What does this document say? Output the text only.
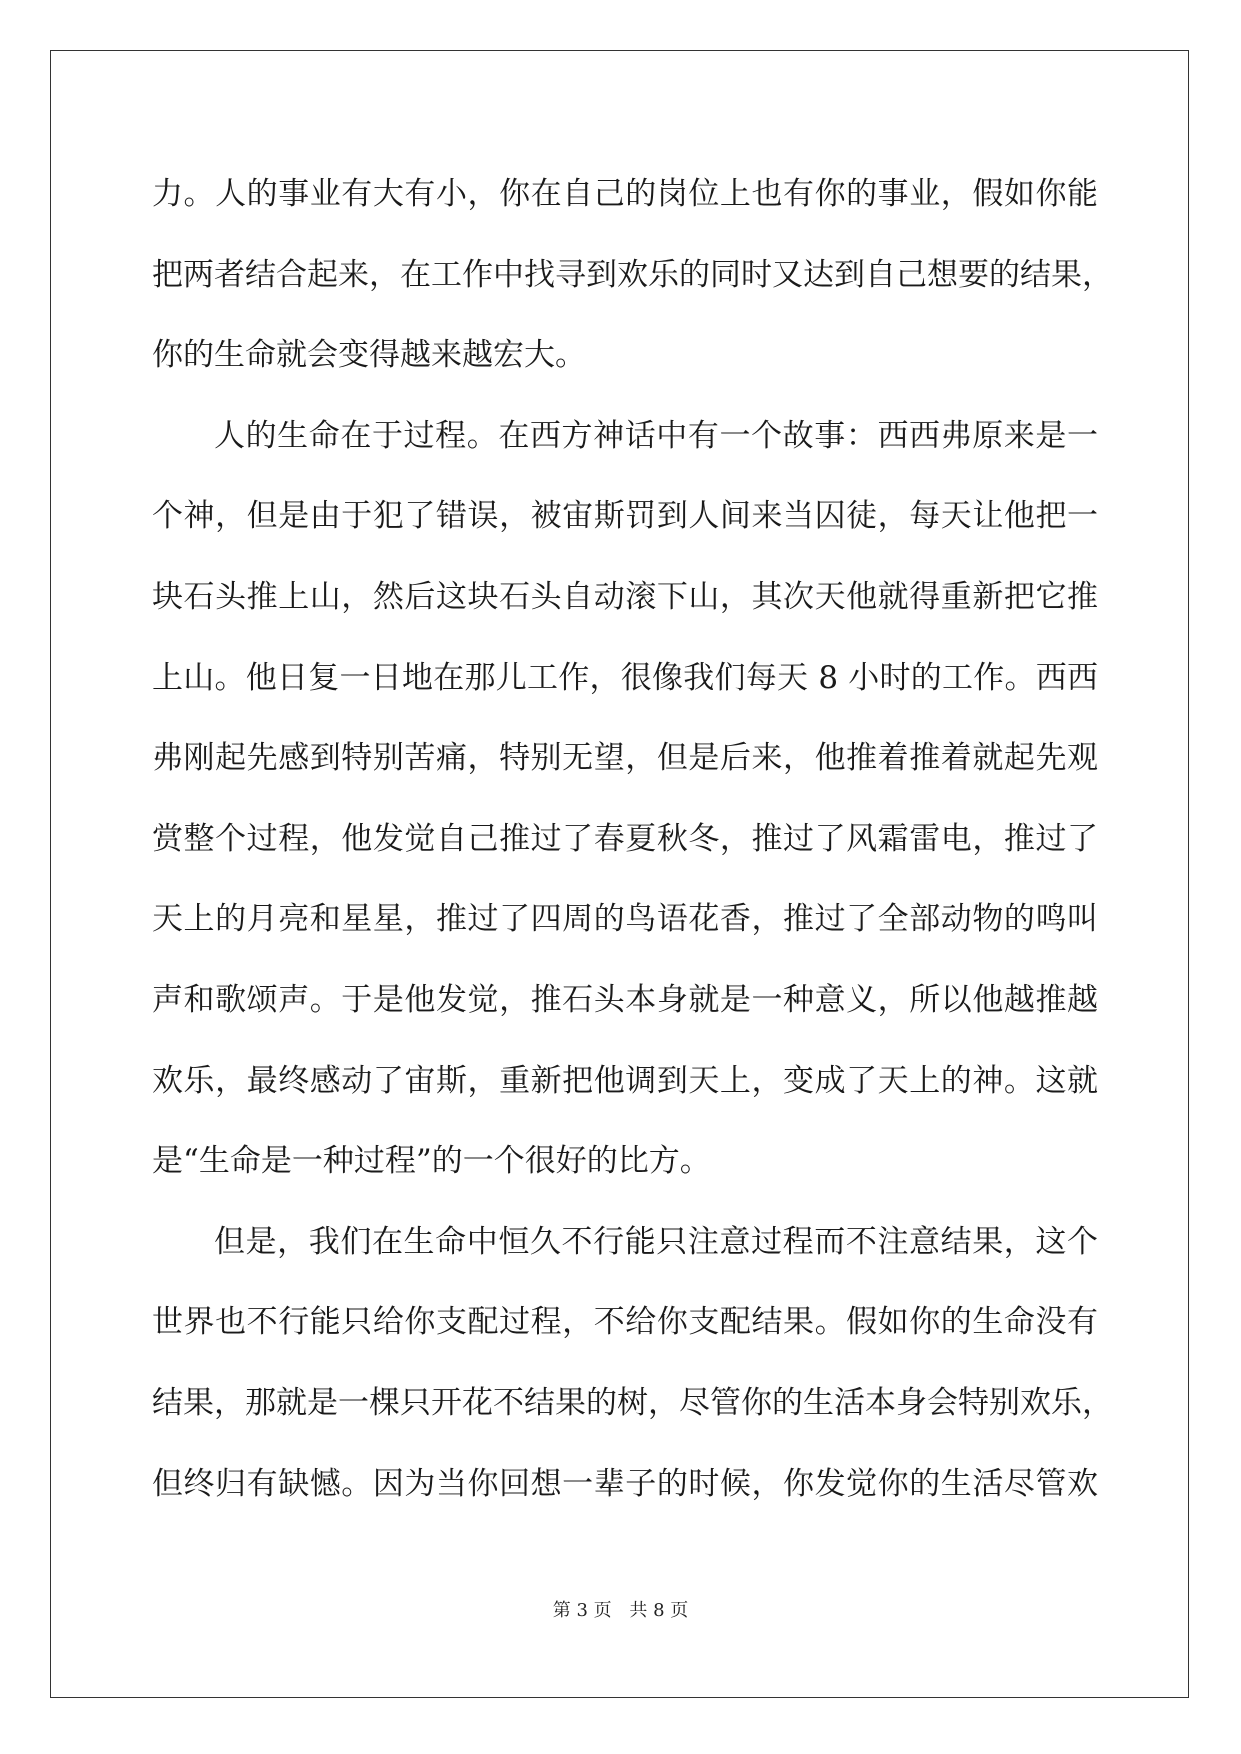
力。人的事业有大有小，你在自己的岗位上也有你的事业，假如你能
把两者结合起来，在工作中找寻到欢乐的同时又达到自己想要的结果，
你的生命就会变得越来越宏大。
人的生命在于过程。在西方神话中有一个故事：西西弗原来是一
个神，但是由于犯了错误，被宙斯罚到人间来当囚徒，每天让他把一
块石头推上山，然后这块石头自动滚下山，其次天他就得重新把它推
上山。他日复一日地在那儿工作，很像我们每天 8 小时的工作。西西
弗刚起先感到特别苦痛，特别无望，但是后来，他推着推着就起先观
赏整个过程，他发觉自己推过了春夏秋冬，推过了风霜雷电，推过了
天上的月亮和星星，推过了四周的鸟语花香，推过了全部动物的鸣叫
声和歌颂声。于是他发觉，推石头本身就是一种意义，所以他越推越
欢乐，最终感动了宙斯，重新把他调到天上，变成了天上的神。这就
是“生命是一种过程”的一个很好的比方。
但是，我们在生命中恒久不行能只注意过程而不注意结果，这个
世界也不行能只给你支配过程，不给你支配结果。假如你的生命没有
结果，那就是一棵只开花不结果的树，尽管你的生活本身会特别欢乐，
但终归有缺憾。因为当你回想一辈子的时候，你发觉你的生活尽管欢
第 3 页 共 8 页
